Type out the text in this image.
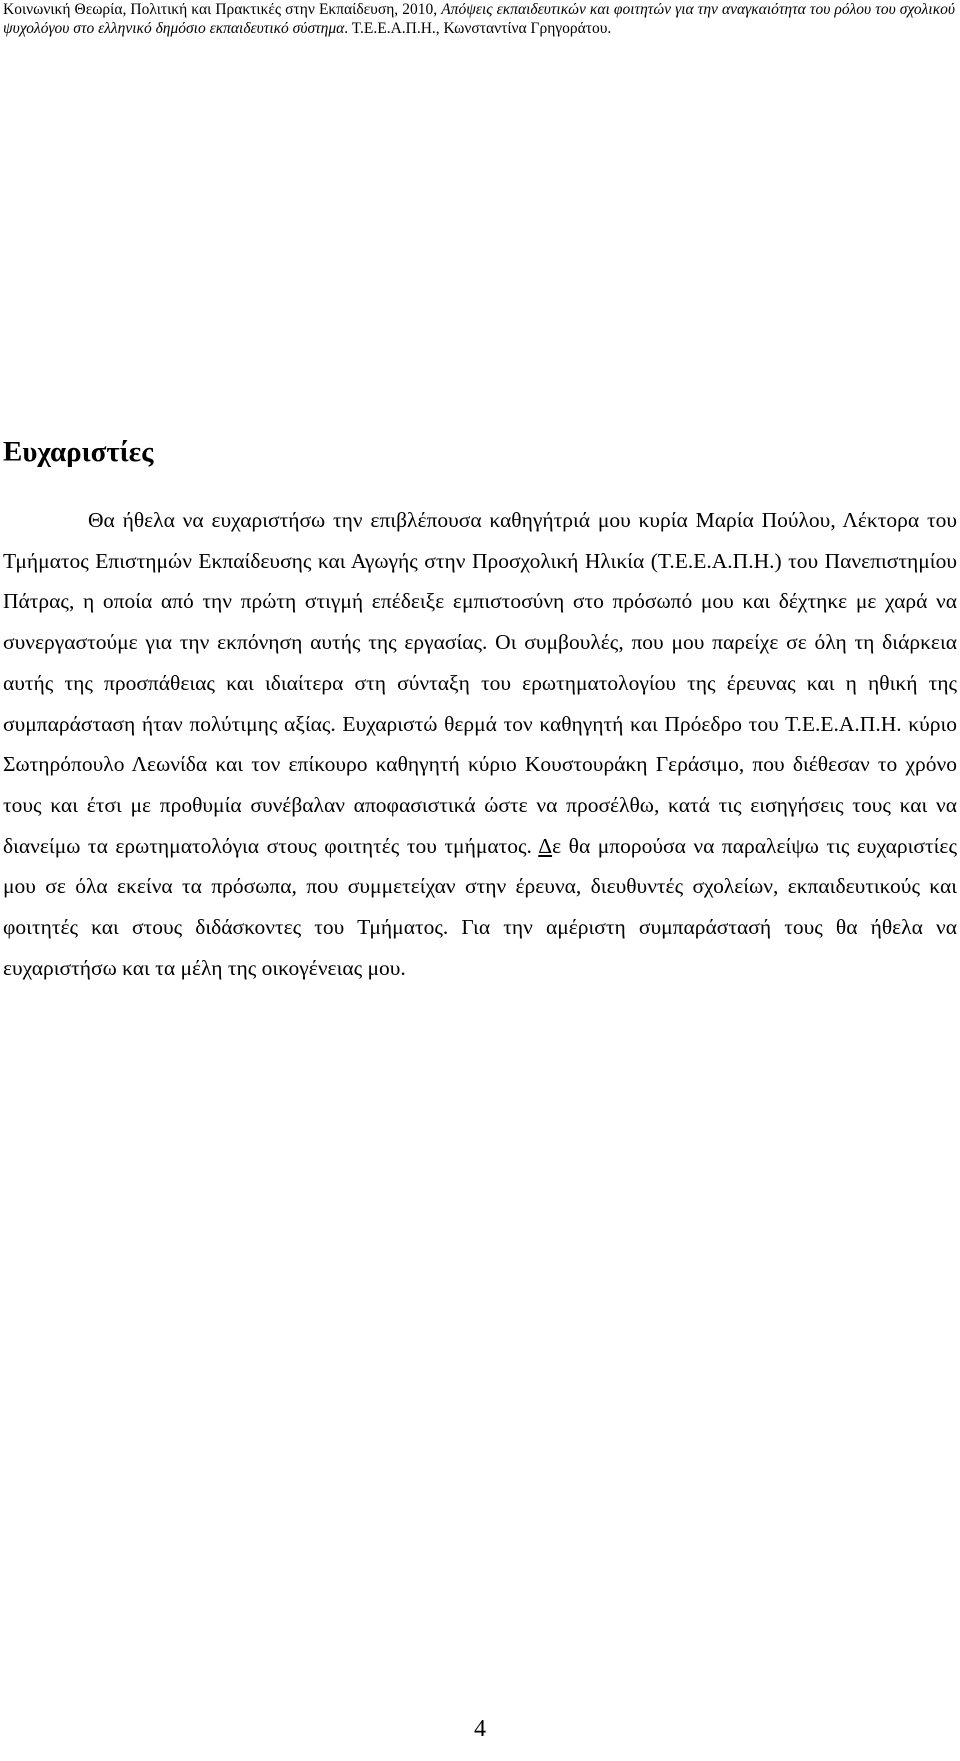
Κοινωνική Θεωρία, Πολιτική και Πρακτικές στην Εκπαίδευση, 2010, Απόψεις εκπαιδευτικών και φοιτητών για την αναγκαιότητα του ρόλου του σχολικού ψυχολόγου στο ελληνικό δημόσιο εκπαιδευτικό σύστημα. Τ.Ε.Ε.Α.Π.Η., Κωνσταντίνα Γρηγοράτου.
Ευχαριστίες

Θα ήθελα να ευχαριστήσω την επιβλέπουσα καθηγήτριά μου κυρία Μαρία Πούλου, Λέκτορα του Τμήματος Επιστημών Εκπαίδευσης και Αγωγής στην Προσχολική Ηλικία (Τ.Ε.Ε.Α.Π.Η.) του Πανεπιστημίου Πάτρας, η οποία από την πρώτη στιγμή επέδειξε εμπιστοσύνη στο πρόσωπό μου και δέχτηκε με χαρά να συνεργαστούμε για την εκπόνηση αυτής της εργασίας. Οι συμβουλές, που μου παρείχε σε όλη τη διάρκεια αυτής της προσπάθειας και ιδιαίτερα στη σύνταξη του ερωτηματολογίου της έρευνας και η ηθική της συμπαράσταση ήταν πολύτιμης αξίας. Ευχαριστώ θερμά τον καθηγητή και Πρόεδρο του Τ.Ε.Ε.Α.Π.Η. κύριο Σωτηρόπουλο Λεωνίδα και τον επίκουρο καθηγητή κύριο Κουστουράκη Γεράσιμο, που διέθεσαν το χρόνο τους και έτσι με προθυμία συνέβαλαν αποφασιστικά ώστε να προσέλθω, κατά τις εισηγήσεις τους και να διανείμω τα ερωτηματολόγια στους φοιτητές του τμήματος. Δε θα μπορούσα να παραλείψω τις ευχαριστίες μου σε όλα εκείνα τα πρόσωπα, που συμμετείχαν στην έρευνα, διευθυντές σχολείων, εκπαιδευτικούς και φοιτητές και στους διδάσκοντες του Τμήματος. Για την αμέριστη συμπαράστασή τους θα ήθελα να ευχαριστήσω και τα μέλη της οικογένειας μου.

4
